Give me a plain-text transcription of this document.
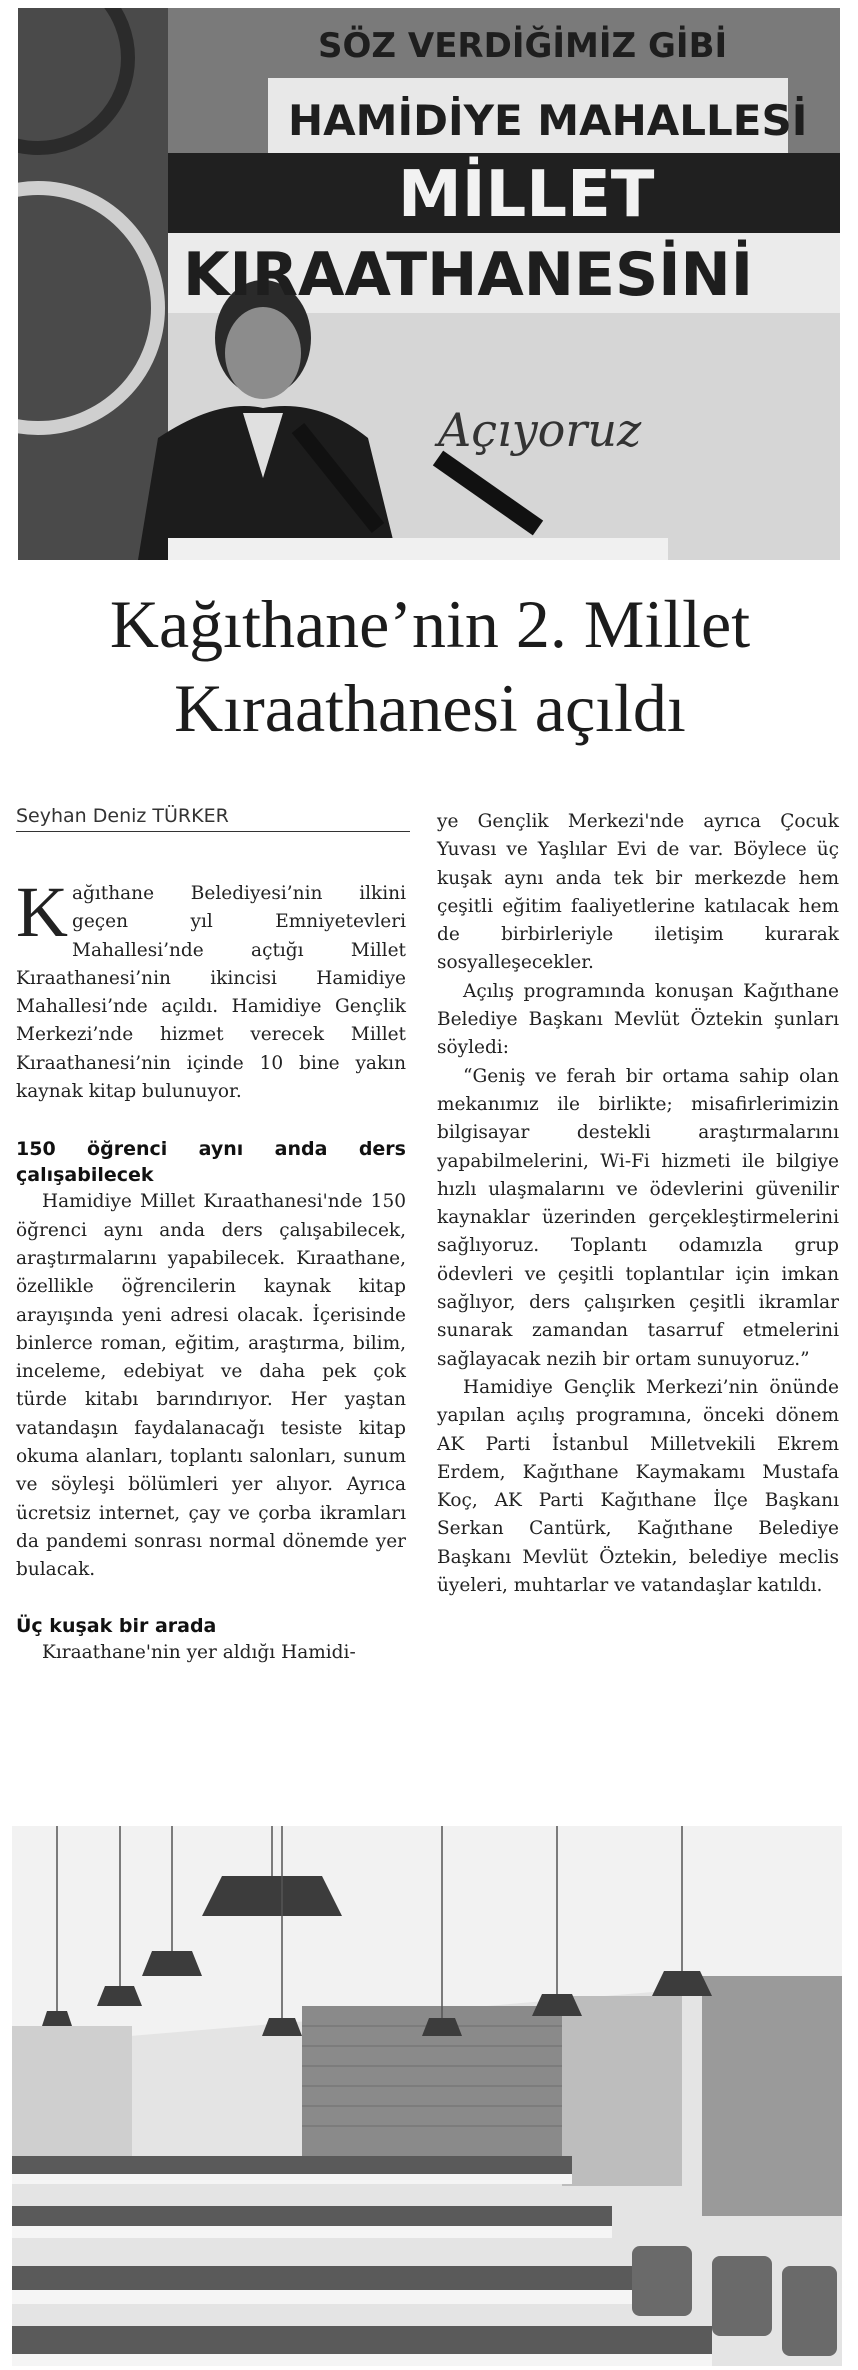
SÖZ VERDİĞİMİZ GİBİ
HAMİDİYE MAHALLESİ
MİLLET
KIRAATHANESİNİ
Açıyoruz
Kağıthane’nin 2. Millet
Kıraathanesi açıldı
Seyhan Deniz TÜRKER

Kağıthane Belediyesi’nin ilkini geçen yıl Emniyetevleri Mahallesi’nde açtığı Millet Kıraathanesi’nin ikincisi Hamidiye Mahallesi’nde açıldı. Hamidiye Gençlik Merkezi’nde hizmet verecek Millet Kıraathanesi’nin içinde 10 bine yakın kaynak kitap bulunuyor.

150 öğrenci aynı anda ders çalışabilecek

Hamidiye Millet Kıraathanesi'nde 150 öğrenci aynı anda ders çalışabilecek, araştırmalarını yapabilecek. Kıraathane, özellikle öğrencilerin kaynak kitap arayışında yeni adresi olacak. İçerisinde binlerce roman, eğitim, araştırma, bilim, inceleme, edebiyat ve daha pek çok türde kitabı barındırıyor. Her yaştan vatandaşın faydalanacağı tesiste kitap okuma alanları, toplantı salonları, sunum ve söyleşi bölümleri yer alıyor. Ayrıca ücretsiz internet, çay ve çorba ikramları da pandemi sonrası normal dönemde yer bulacak.

Üç kuşak bir arada

Kıraathane'nin yer aldığı Hamidi-

ye Gençlik Merkezi'nde ayrıca Çocuk Yuvası ve Yaşlılar Evi de var. Böylece üç kuşak aynı anda tek bir merkezde hem çeşitli eğitim faaliyetlerine katılacak hem de birbirleriyle iletişim kurarak sosyalleşecekler.

Açılış programında konuşan Kağıthane Belediye Başkanı Mevlüt Öztekin şunları söyledi:

“Geniş ve ferah bir ortama sahip olan mekanımız ile birlikte; misafirlerimizin bilgisayar destekli araştırmalarını yapabilmelerini, Wi-Fi hizmeti ile bilgiye hızlı ulaşmalarını ve ödevlerini güvenilir kaynaklar üzerinden gerçekleştirmelerini sağlıyoruz. Toplantı odamızla grup ödevleri ve çeşitli toplantılar için imkan sağlıyor, ders çalışırken çeşitli ikramlar sunarak zamandan tasarruf etmelerini sağlayacak nezih bir ortam sunuyoruz.”

Hamidiye Gençlik Merkezi’nin önünde yapılan açılış programına, önceki dönem AK Parti İstanbul Milletvekili Ekrem Erdem, Kağıthane Kaymakamı Mustafa Koç, AK Parti Kağıthane İlçe Başkanı Serkan Cantürk, Kağıthane Belediye Başkanı Mevlüt Öztekin, belediye meclis üyeleri, muhtarlar ve vatandaşlar katıldı.
